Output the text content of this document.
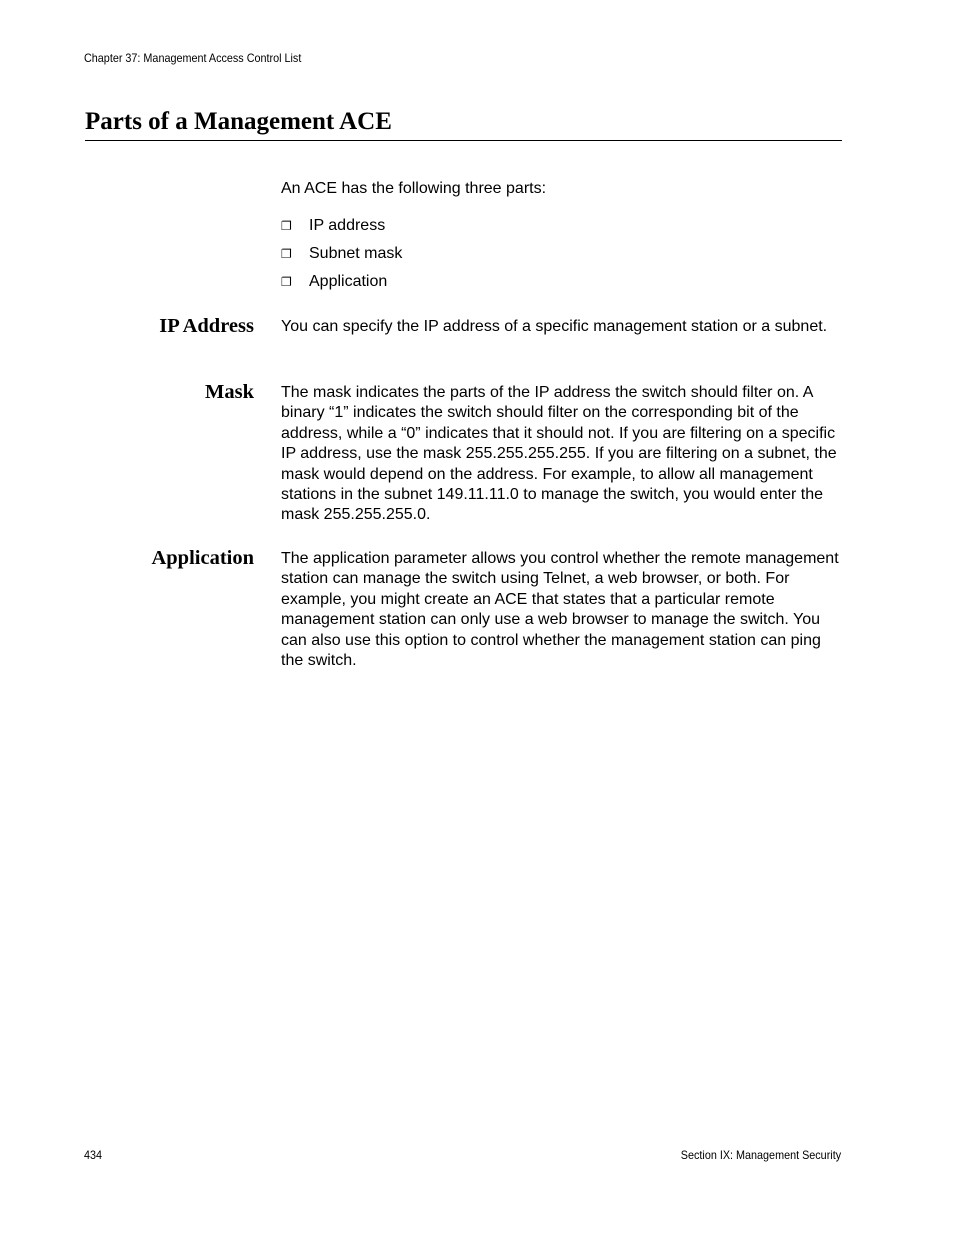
Chapter 37: Management Access Control List
Parts of a Management ACE

An ACE has the following three parts:

❐ IP address
❐ Subnet mask
❐ Application
IP Address You can specify the IP address of a specific management station or a subnet.

Mask The mask indicates the parts of the IP address the switch should filter on. A binary “1” indicates the switch should filter on the corresponding bit of the address, while a “0” indicates that it should not. If you are filtering on a specific IP address, use the mask 255.255.255.255. If you are filtering on a subnet, the mask would depend on the address. For example, to allow all management stations in the subnet 149.11.11.0 to manage the switch, you would enter the mask 255.255.255.0.

Application The application parameter allows you control whether the remote management station can manage the switch using Telnet, a web browser, or both. For example, you might create an ACE that states that a particular remote management station can only use a web browser to manage the switch. You can also use this option to control whether the management station can ping the switch.

434	Section IX: Management Security
